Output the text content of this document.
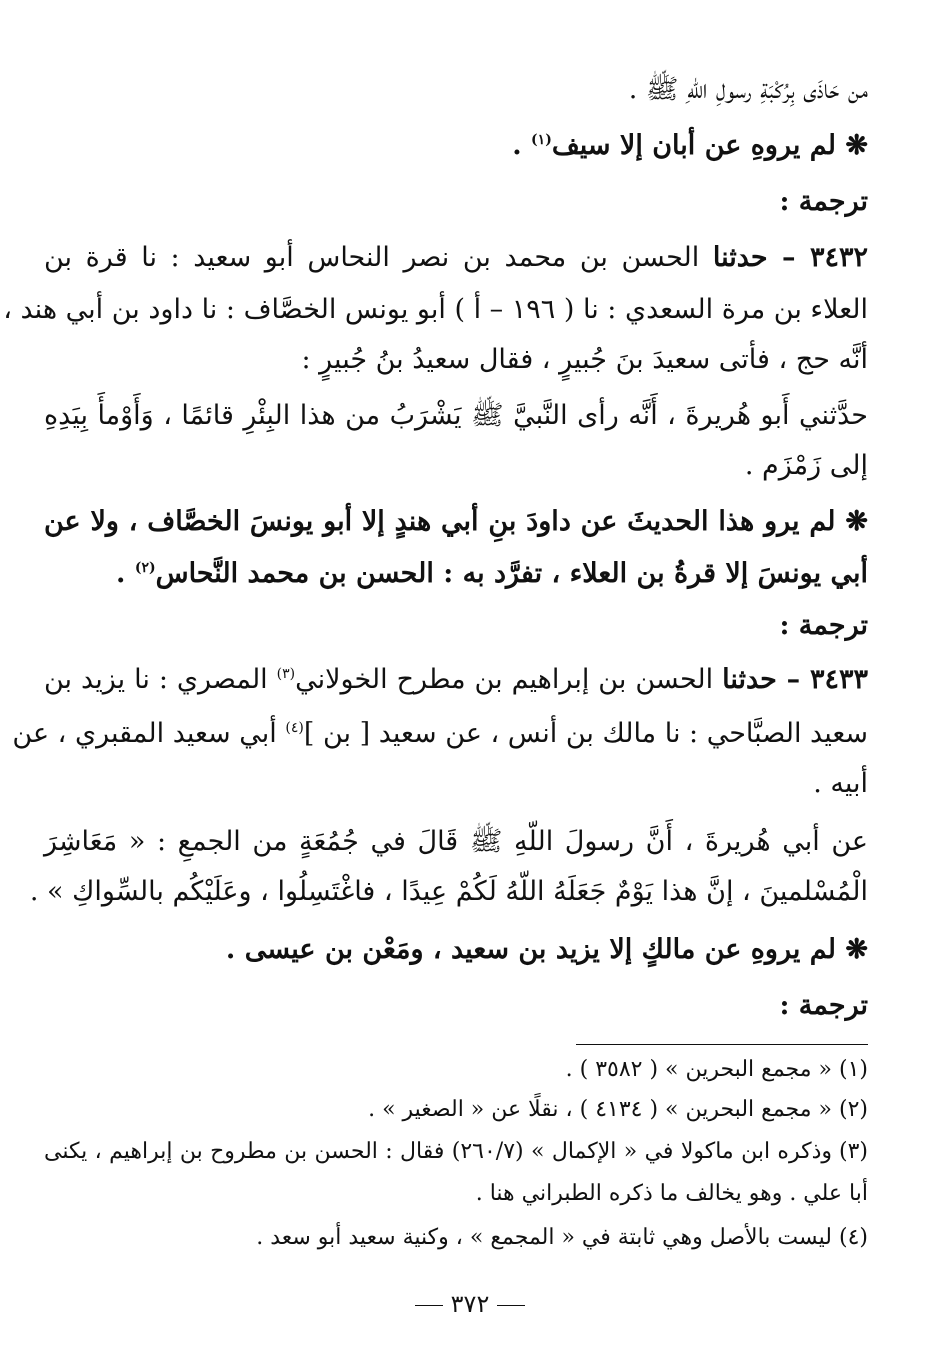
من حَاذَى بِرُكْبَةِ رسولِ اللّهِ ﷺ .
❋ لم يروهِ عن أبان إلا سيف$^{(١)}$ .
ترجمة :
٣٤٣٢ – حدثنا الحسن بن محمد بن نصر النحاس أبو سعيد : نا قرة بن
العلاء بن مرة السعدي : نا ( ١٩٦ – أ ) أبو يونس الخصَّاف : نا داود بن أبي هند ،
أنَّه حج ، فأتى سعيدَ بنَ جُبيرٍ ، فقال سعيدُ بنُ جُبيرٍ :
حدَّثني أَبو هُريرةَ ، أَنَّه رأى النَّبيَّ ﷺ يَشْرَبُ من هذا البِئْرِ قائمًا ، وَأَوْمأَ بِيَدِهِ
إلى زَمْزَم .
❋ لم يرو هذا الحديثَ عن داودَ بنِ أبي هندٍ إلا أبو يونسَ الخصَّاف ، ولا عن
أبي يونسَ إلا قرةُ بن العلاء ، تفرَّد به : الحسن بن محمد النَّحاس$^{(٢)}$ .
ترجمة :
٣٤٣٣ – حدثنا الحسن بن إبراهيم بن مطرح الخولاني$^{(٣)}$ المصري : نا يزيد بن
سعيد الصبَّاحي : نا مالك بن أنس ، عن سعيد [ بن ]$^{(٤)}$ أبي سعيد المقبري ، عن
أبيه .
عن أبي هُريرةَ ، أَنَّ رسولَ اللّهِ ﷺ قَالَ في جُمُعَةٍ من الجمعِ : « مَعَاشِرَ
الْمُسْلمينَ ، إنَّ هذا يَوْمٌ جَعَلَهُ اللّهُ لَكُمْ عِيدًا ، فاغْتَسِلُوا ، وعَلَيْكُم بالسِّواكِ » .
❋ لم يروهِ عن مالكٍ إلا يزيد بن سعيد ، ومَعْن بن عيسى .
ترجمة :
(١)« مجمع البحرين » ( ٣٥٨٢ ) .
(٢)« مجمع البحرين » ( ٤١٣٤ ) ، نقلًا عن « الصغير » .
(٣)وذكره ابن ماكولا في « الإكمال » (٢٦٠/٧) فقال : الحسن بن مطروح بن إبراهيم ، يكنى
أبا علي . وهو يخالف ما ذكره الطبراني هنا .
(٤)ليست بالأصل وهي ثابتة في « المجمع » ، وكنية سعيد أبو سعد .
٣٧٢
